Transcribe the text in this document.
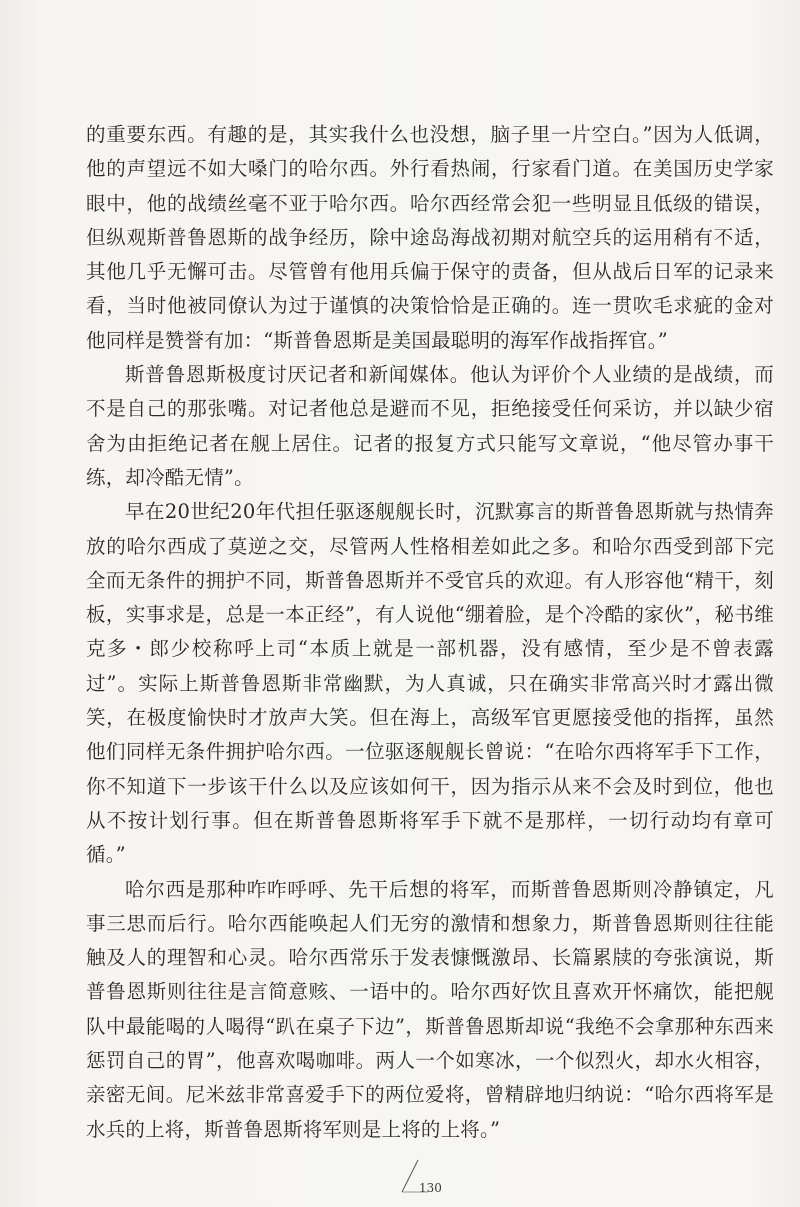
的重要东西。有趣的是，其实我什么也没想，脑子里一片空白。”因为人低调，他的声望远不如大嗓门的哈尔西。外行看热闹，行家看门道。在美国历史学家眼中，他的战绩丝毫不亚于哈尔西。哈尔西经常会犯一些明显且低级的错误，但纵观斯普鲁恩斯的战争经历，除中途岛海战初期对航空兵的运用稍有不适，其他几乎无懈可击。尽管曾有他用兵偏于保守的责备，但从战后日军的记录来看，当时他被同僚认为过于谨慎的决策恰恰是正确的。连一贯吹毛求疵的金对他同样是赞誉有加：“斯普鲁恩斯是美国最聪明的海军作战指挥官。”

斯普鲁恩斯极度讨厌记者和新闻媒体。他认为评价个人业绩的是战绩，而不是自己的那张嘴。对记者他总是避而不见，拒绝接受任何采访，并以缺少宿舍为由拒绝记者在舰上居住。记者的报复方式只能写文章说，“他尽管办事干练，却冷酷无情”。

早在20世纪20年代担任驱逐舰舰长时，沉默寡言的斯普鲁恩斯就与热情奔放的哈尔西成了莫逆之交，尽管两人性格相差如此之多。和哈尔西受到部下完全而无条件的拥护不同，斯普鲁恩斯并不受官兵的欢迎。有人形容他“精干，刻板，实事求是，总是一本正经”，有人说他“绷着脸，是个冷酷的家伙”，秘书维克多・郎少校称呼上司“本质上就是一部机器，没有感情，至少是不曾表露过”。实际上斯普鲁恩斯非常幽默，为人真诚，只在确实非常高兴时才露出微笑，在极度愉快时才放声大笑。但在海上，高级军官更愿接受他的指挥，虽然他们同样无条件拥护哈尔西。一位驱逐舰舰长曾说：“在哈尔西将军手下工作，你不知道下一步该干什么以及应该如何干，因为指示从来不会及时到位，他也从不按计划行事。但在斯普鲁恩斯将军手下就不是那样，一切行动均有章可循。”

哈尔西是那种咋咋呼呼、先干后想的将军，而斯普鲁恩斯则冷静镇定，凡事三思而后行。哈尔西能唤起人们无穷的激情和想象力，斯普鲁恩斯则往往能触及人的理智和心灵。哈尔西常乐于发表慷慨激昂、长篇累牍的夸张演说，斯普鲁恩斯则往往是言简意赅、一语中的。哈尔西好饮且喜欢开怀痛饮，能把舰队中最能喝的人喝得“趴在桌子下边”，斯普鲁恩斯却说“我绝不会拿那种东西来惩罚自己的胃”，他喜欢喝咖啡。两人一个如寒冰，一个似烈火，却水火相容，亲密无间。尼米兹非常喜爱手下的两位爱将，曾精辟地归纳说：“哈尔西将军是水兵的上将，斯普鲁恩斯将军则是上将的上将。”

130
